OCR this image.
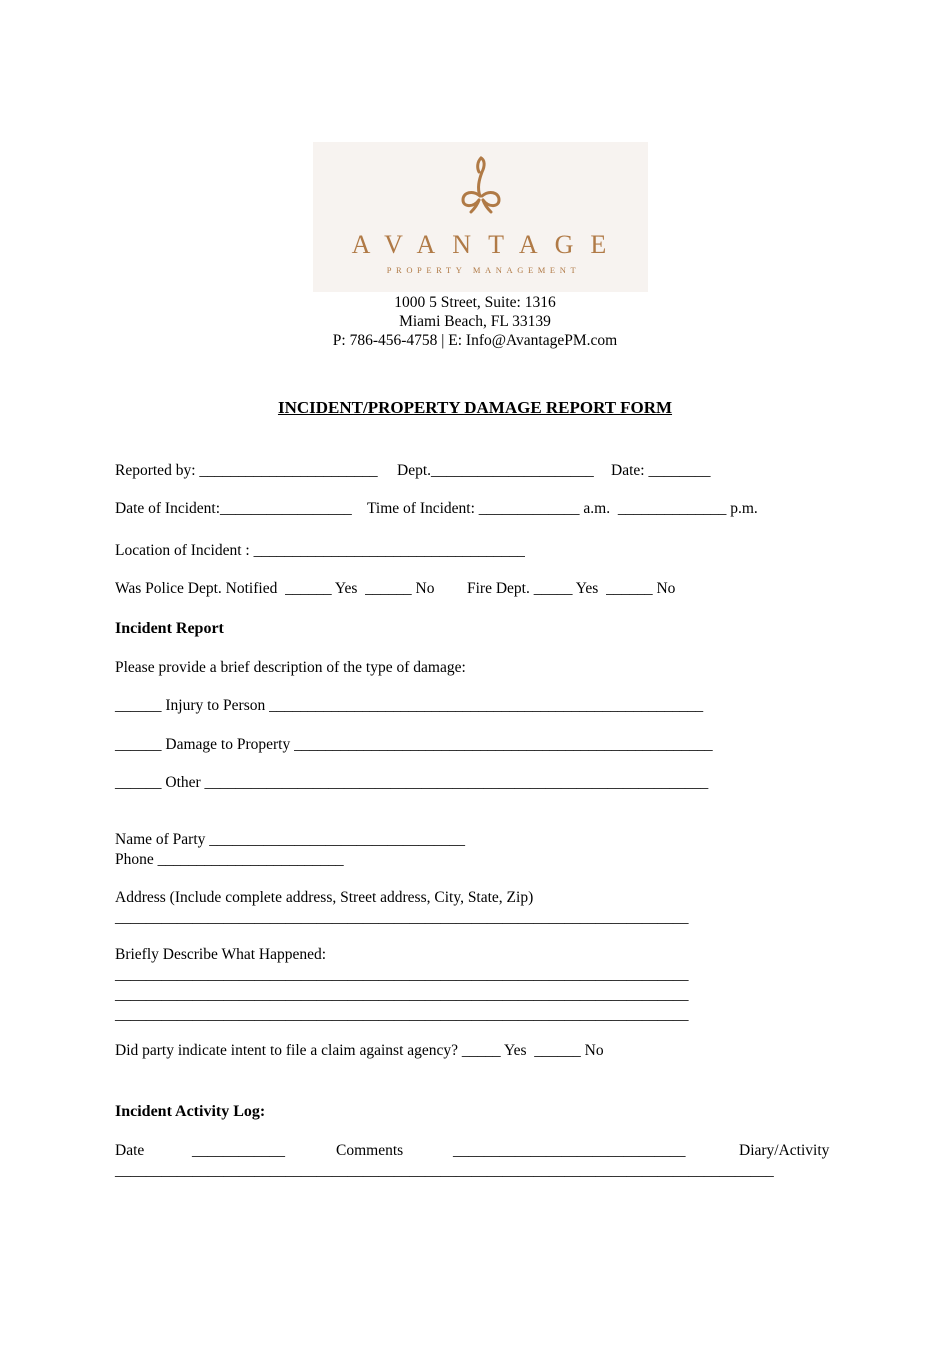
AVANTAGE
PROPERTY MANAGEMENT
1000 5 Street, Suite: 1316
Miami Beach, FL 33139
P: 786-456-4758 | E: Info@AvantagePM.com
INCIDENT/PROPERTY DAMAGE REPORT FORM
Reported by: _______________________ Dept._____________________ Date: ________
Date of Incident:_________________ Time of Incident: _____________ a.m.  ______________ p.m.
Location of Incident : ___________________________________
Was Police Dept. Notified  ______ Yes  ______ No Fire Dept. _____ Yes  ______ No
Incident Report
Please provide a brief description of the type of damage:
______ Injury to Person ________________________________________________________
______ Damage to Property ______________________________________________________
______ Other _________________________________________________________________
Name of Party _________________________________
Phone ________________________
Address (Include complete address, Street address, City, State, Zip)
__________________________________________________________________________
Briefly Describe What Happened:
__________________________________________________________________________
__________________________________________________________________________
__________________________________________________________________________
Did party indicate intent to file a claim against agency? _____ Yes  ______ No
Incident Activity Log:
Date	____________	Comments	______________________________	Diary/Activity
_____________________________________________________________________________________
